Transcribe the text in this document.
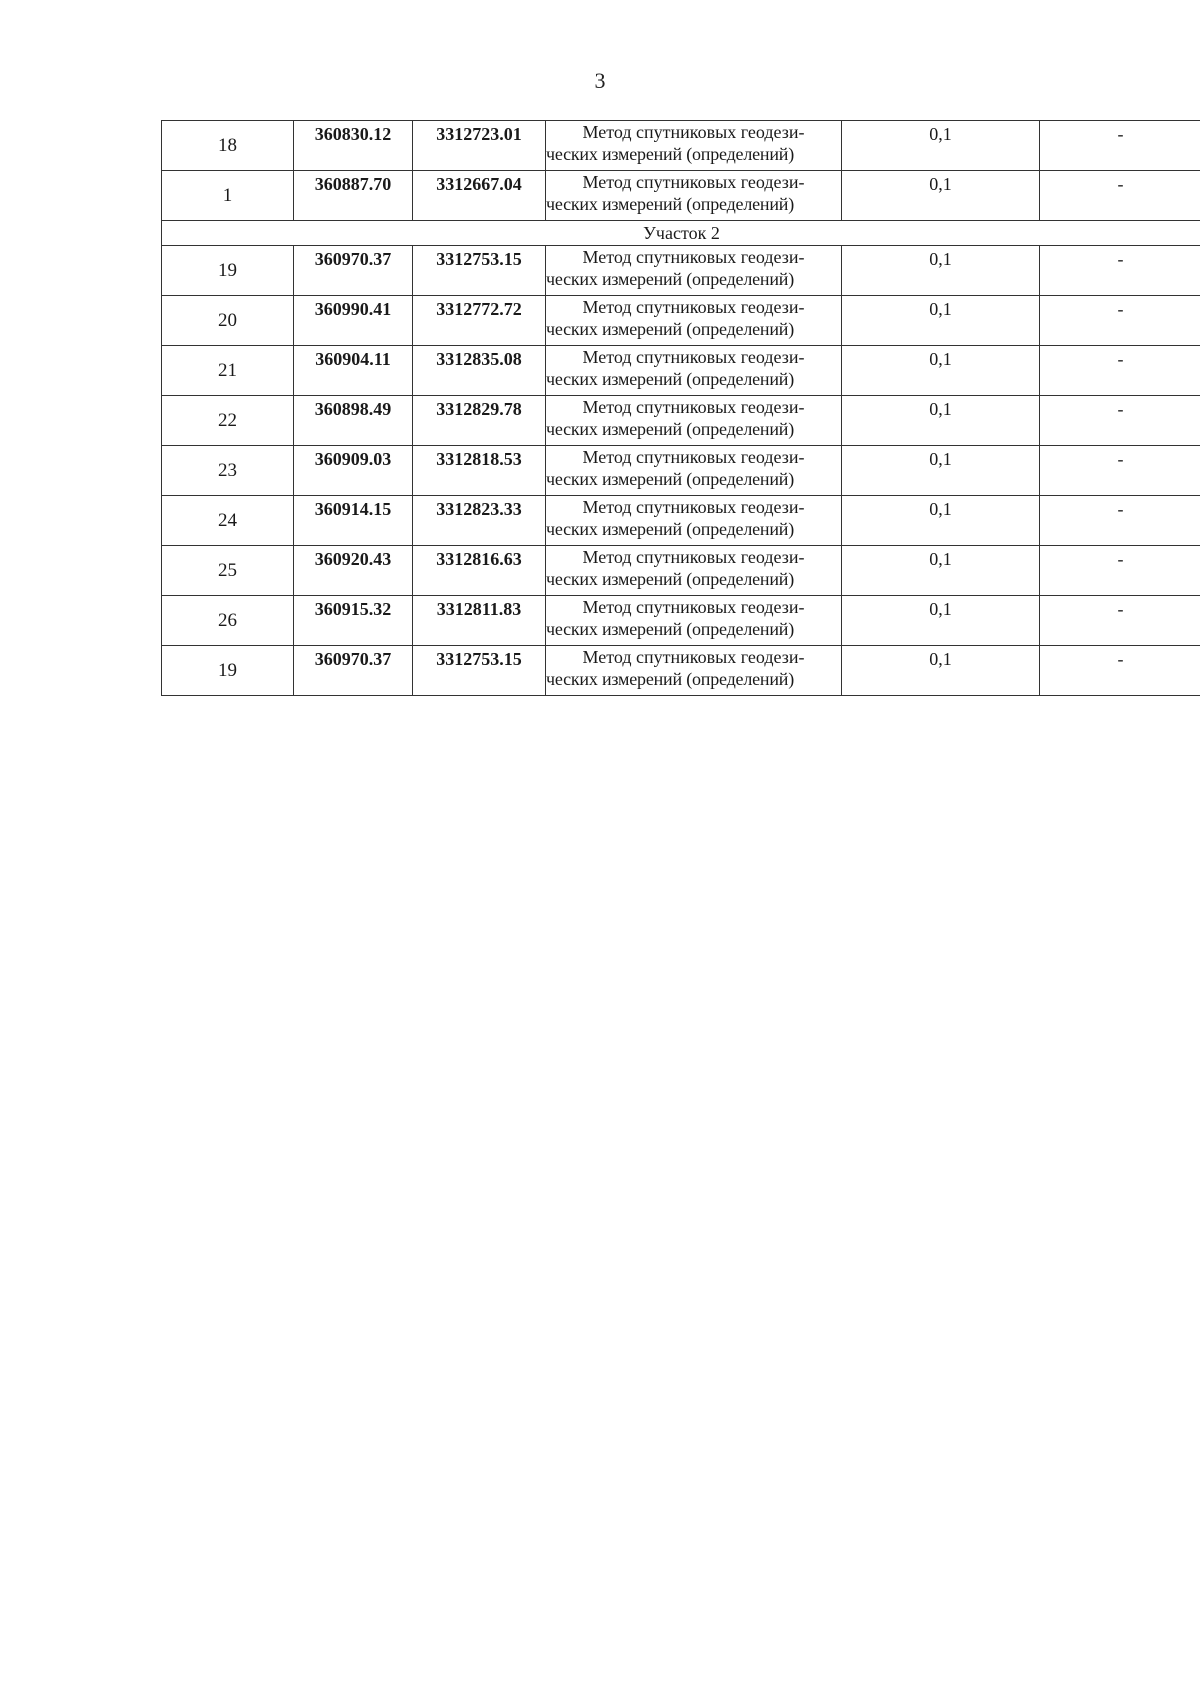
3
18	360830.12	3312723.01	Метод спутниковых геодези-
ческих измерений (определений)	0,1	-
1	360887.70	3312667.04	Метод спутниковых геодези-
ческих измерений (определений)	0,1	-
Участок 2					
19	360970.37	3312753.15	Метод спутниковых геодези-
ческих измерений (определений)	0,1	-
20	360990.41	3312772.72	Метод спутниковых геодези-
ческих измерений (определений)	0,1	-
21	360904.11	3312835.08	Метод спутниковых геодези-
ческих измерений (определений)	0,1	-
22	360898.49	3312829.78	Метод спутниковых геодези-
ческих измерений (определений)	0,1	-
23	360909.03	3312818.53	Метод спутниковых геодези-
ческих измерений (определений)	0,1	-
24	360914.15	3312823.33	Метод спутниковых геодези-
ческих измерений (определений)	0,1	-
25	360920.43	3312816.63	Метод спутниковых геодези-
ческих измерений (определений)	0,1	-
26	360915.32	3312811.83	Метод спутниковых геодези-
ческих измерений (определений)	0,1	-
19	360970.37	3312753.15	Метод спутниковых геодези-
ческих измерений (определений)	0,1	-
